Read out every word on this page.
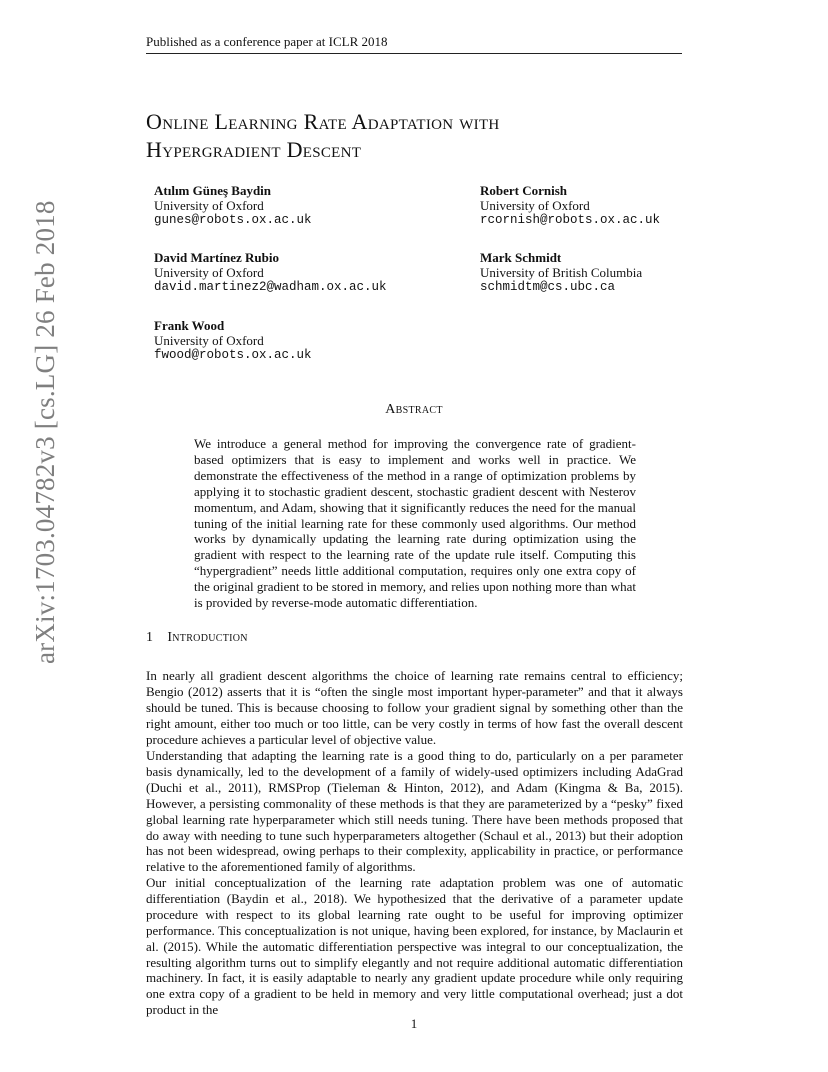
Published as a conference paper at ICLR 2018
Online Learning Rate Adaptation with
Hypergradient Descent
arXiv:1703.04782v3 [cs.LG] 26 Feb 2018
Atılım Güneş Baydin
University of Oxford
gunes@robots.ox.ac.uk
Robert Cornish
University of Oxford
rcornish@robots.ox.ac.uk
David Martínez Rubio
University of Oxford
david.martinez2@wadham.ox.ac.uk
Mark Schmidt
University of British Columbia
schmidtm@cs.ubc.ca
Frank Wood
University of Oxford
fwood@robots.ox.ac.uk
Abstract
We introduce a general method for improving the convergence rate of gradient-based optimizers that is easy to implement and works well in practice. We demonstrate the effectiveness of the method in a range of optimization problems by applying it to stochastic gradient descent, stochastic gradient descent with Nesterov momentum, and Adam, showing that it significantly reduces the need for the manual tuning of the initial learning rate for these commonly used algorithms. Our method works by dynamically updating the learning rate during optimization using the gradient with respect to the learning rate of the update rule itself. Computing this “hypergradient” needs little additional computation, requires only one extra copy of the original gradient to be stored in memory, and relies upon nothing more than what is provided by reverse-mode automatic differentiation.
1 Introduction
In nearly all gradient descent algorithms the choice of learning rate remains central to efficiency; Bengio (2012) asserts that it is “often the single most important hyper-parameter” and that it always should be tuned. This is because choosing to follow your gradient signal by something other than the right amount, either too much or too little, can be very costly in terms of how fast the overall descent procedure achieves a particular level of objective value.
Understanding that adapting the learning rate is a good thing to do, particularly on a per parameter basis dynamically, led to the development of a family of widely-used optimizers including AdaGrad (Duchi et al., 2011), RMSProp (Tieleman & Hinton, 2012), and Adam (Kingma & Ba, 2015). However, a persisting commonality of these methods is that they are parameterized by a “pesky” fixed global learning rate hyperparameter which still needs tuning. There have been methods proposed that do away with needing to tune such hyperparameters altogether (Schaul et al., 2013) but their adoption has not been widespread, owing perhaps to their complexity, applicability in practice, or performance relative to the aforementioned family of algorithms.
Our initial conceptualization of the learning rate adaptation problem was one of automatic differentiation (Baydin et al., 2018). We hypothesized that the derivative of a parameter update procedure with respect to its global learning rate ought to be useful for improving optimizer performance. This conceptualization is not unique, having been explored, for instance, by Maclaurin et al. (2015). While the automatic differentiation perspective was integral to our conceptualization, the resulting algorithm turns out to simplify elegantly and not require additional automatic differentiation machinery. In fact, it is easily adaptable to nearly any gradient update procedure while only requiring one extra copy of a gradient to be held in memory and very little computational overhead; just a dot product in the
1
